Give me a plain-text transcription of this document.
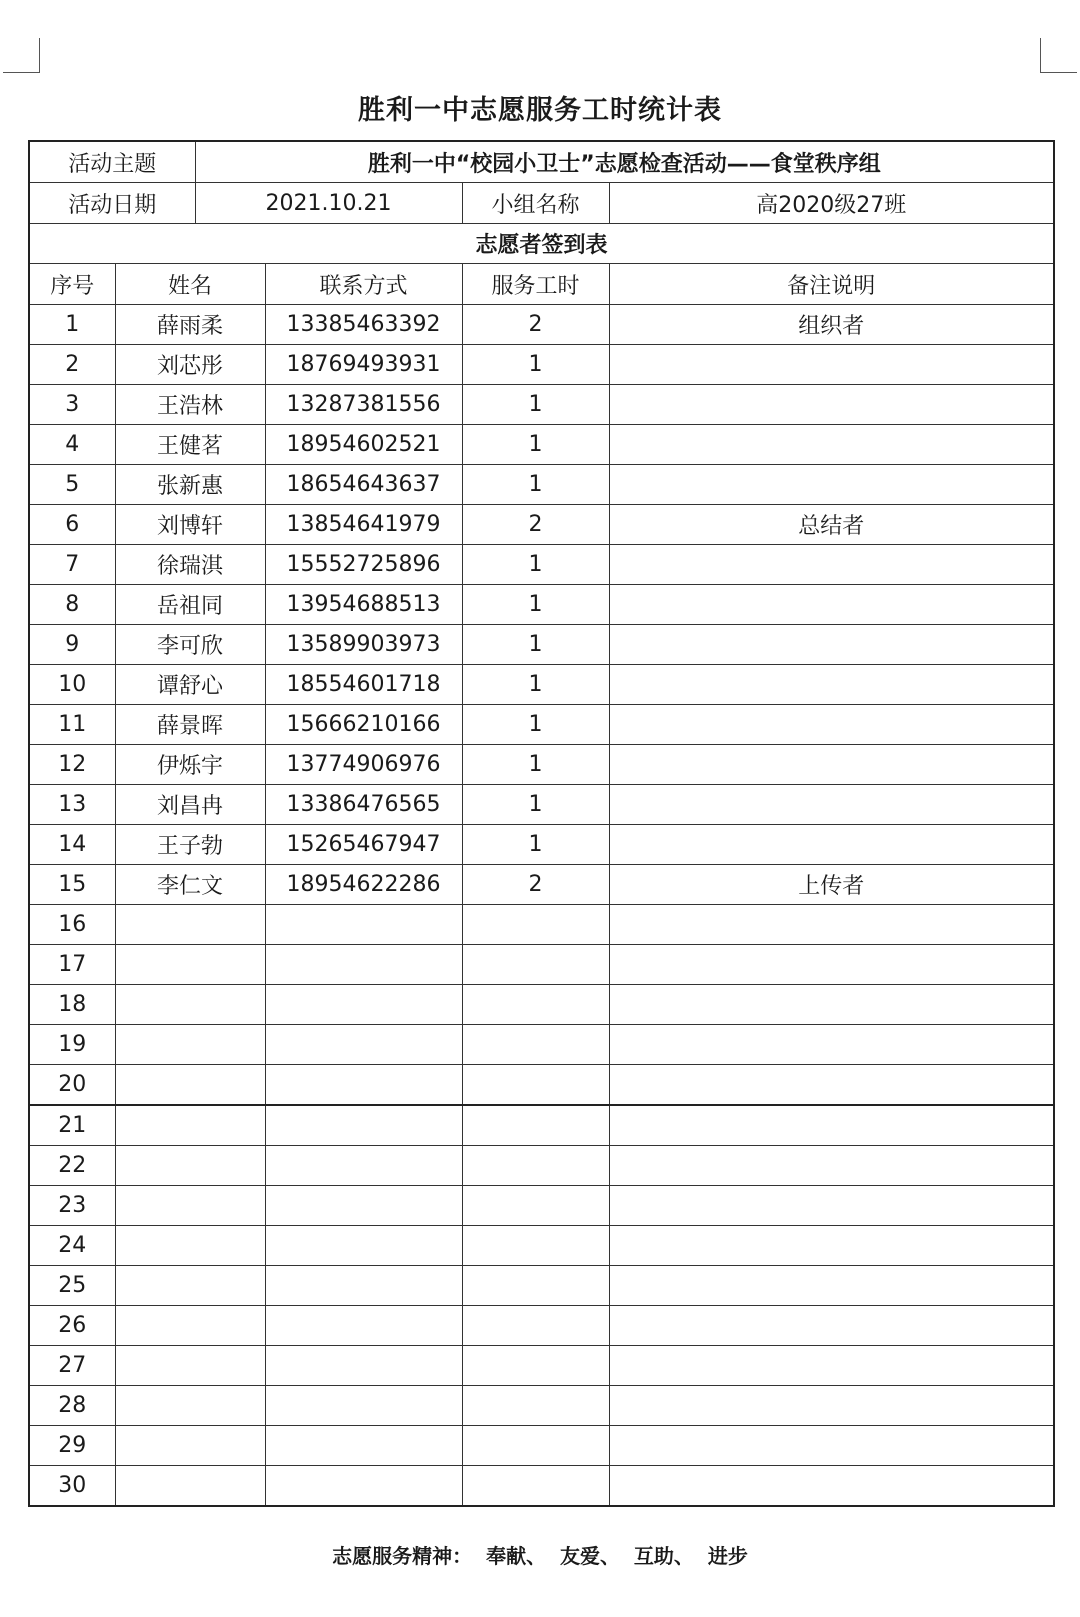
胜利一中志愿服务工时统计表
活动主题		胜利一中“校园小卫士”志愿检查活动——食堂秩序组			
活动日期		2021.10.21		小组名称	高2020级27班
志愿者签到表					
序号	姓名		联系方式	服务工时	备注说明
1	薛雨柔		13385463392	2	组织者
2	刘芯彤		18769493931	1	
3	王浩林		13287381556	1	
4	王健茗		18954602521	1	
5	张新惠		18654643637	1	
6	刘博轩		13854641979	2	总结者
7	徐瑞淇		15552725896	1	
8	岳祖同		13954688513	1	
9	李可欣		13589903973	1	
10	谭舒心		18554601718	1	
11	薛景晖		15666210166	1	
12	伊烁宇		13774906976	1	
13	刘昌冉		13386476565	1	
14	王子勃		15265467947	1	
15	李仁文		18954622286	2	上传者
16					
17					
18					
19					
20					
21					
22					
23					
24					
25					
26					
27					
28					
29					
30					
志愿服务精神：  奉献、  友爱、  互助、  进步
